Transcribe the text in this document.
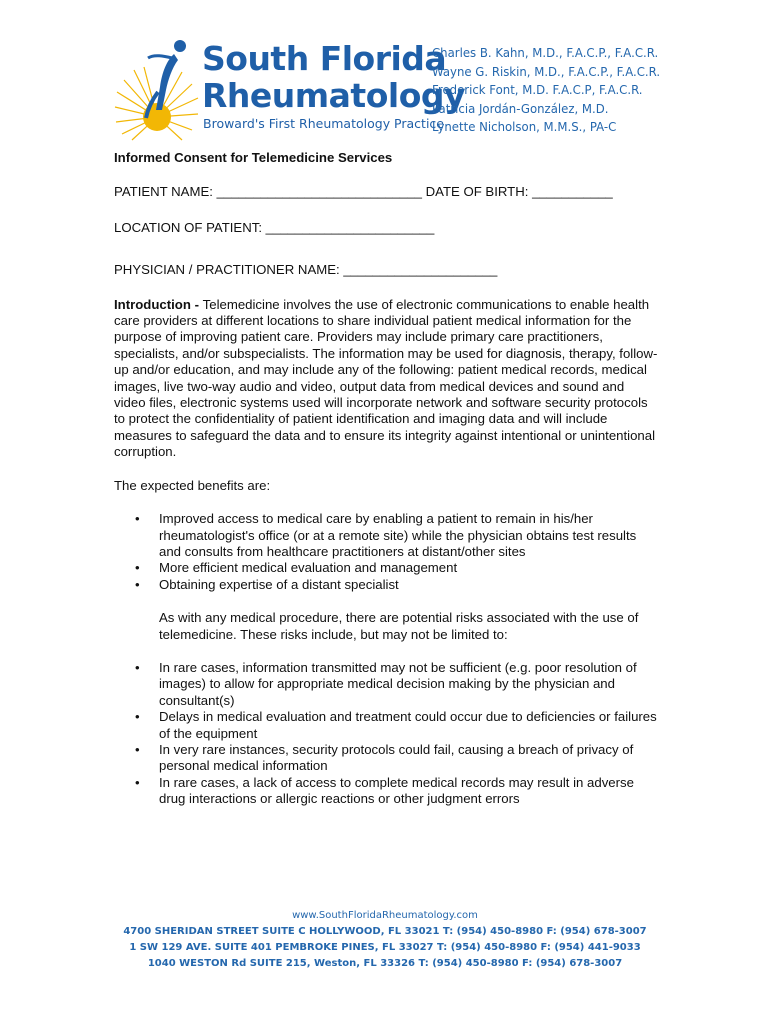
South Florida
Rheumatology
Broward's First Rheumatology Practice
Charles B. Kahn, M.D., F.A.C.P., F.A.C.R.
Wayne G. Riskin, M.D., F.A.C.P., F.A.C.R.
Frederick Font, M.D. F.A.C.P, F.A.C.R.
Patricia Jordán-González, M.D.
Lynette Nicholson, M.M.S., PA-C

Informed Consent for Telemedicine Services

PATIENT NAME: ____________________________ DATE OF BIRTH: ___________

LOCATION OF PATIENT: _______________________

PHYSICIAN / PRACTITIONER NAME: _____________________

Introduction - Telemedicine involves the use of electronic communications to enable health care providers at different locations to share individual patient medical information for the purpose of improving patient care. Providers may include primary care practitioners, specialists, and/or subspecialists. The information may be used for diagnosis, therapy, follow-up and/or education, and may include any of the following: patient medical records, medical images, live two-way audio and video, output data from medical devices and sound and video files, electronic systems used will incorporate network and software security protocols to protect the confidentiality of patient identification and imaging data and will include measures to safeguard the data and to ensure its integrity against intentional or unintentional corruption.

The expected benefits are:

• Improved access to medical care by enabling a patient to remain in his/her rheumatologist's office (or at a remote site) while the physician obtains test results and consults from healthcare practitioners at distant/other sites
• More efficient medical evaluation and management
• Obtaining expertise of a distant specialist

As with any medical procedure, there are potential risks associated with the use of telemedicine. These risks include, but may not be limited to:

• In rare cases, information transmitted may not be sufficient (e.g. poor resolution of images) to allow for appropriate medical decision making by the physician and consultant(s)
• Delays in medical evaluation and treatment could occur due to deficiencies or failures of the equipment
• In very rare instances, security protocols could fail, causing a breach of privacy of personal medical information
• In rare cases, a lack of access to complete medical records may result in adverse drug interactions or allergic reactions or other judgment errors
www.SouthFloridaRheumatology.com
4700 SHERIDAN STREET SUITE C HOLLYWOOD, FL 33021 T: (954) 450-8980 F: (954) 678-3007
1 SW 129 AVE. SUITE 401 PEMBROKE PINES, FL 33027 T: (954) 450-8980 F: (954) 441-9033
1040 WESTON Rd SUITE 215, Weston, FL 33326 T: (954) 450-8980 F: (954) 678-3007
